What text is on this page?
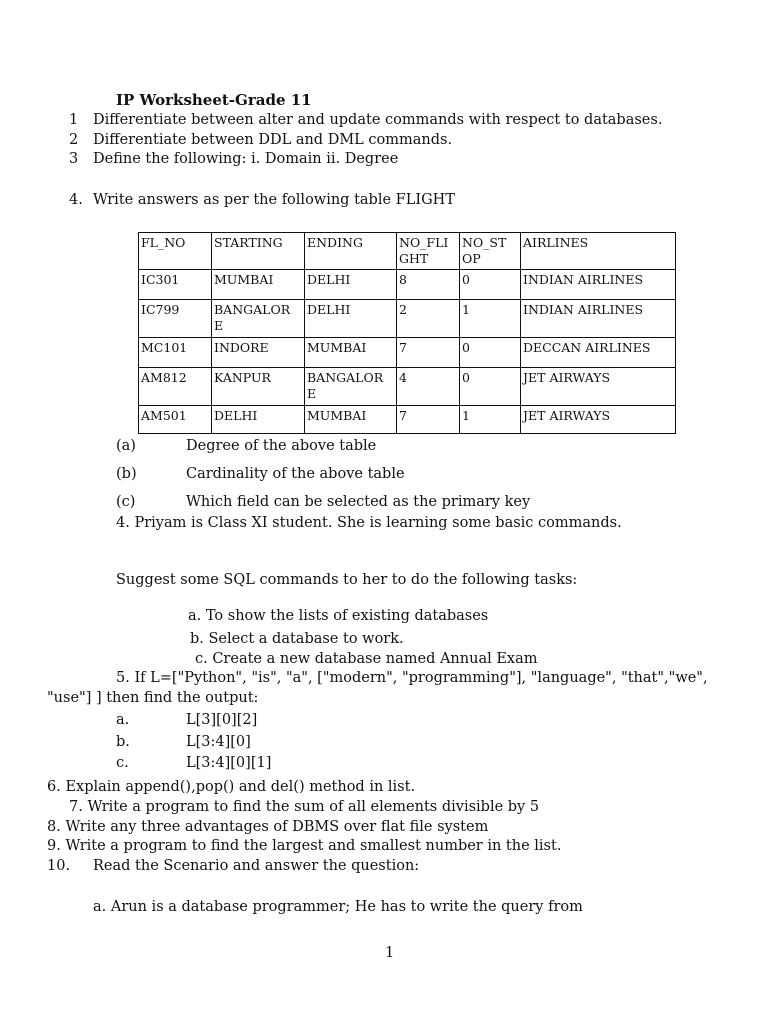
IP Worksheet-Grade 11
1 Differentiate between alter and update commands with respect to databases.
2 Differentiate between DDL and DML commands.
3 Define the following: i. Domain ii. Degree
4. Write answers as per the following table FLIGHT
FL_NO	STARTING	ENDING	NO_FLI GHT	NO_ST OP	AIRLINES
IC301	MUMBAI	DELHI	8	0	INDIAN AIRLINES
IC799	BANGALOR E	DELHI	2	1	INDIAN AIRLINES
MC101	INDORE	MUMBAI	7	0	DECCAN AIRLINES
AM812	KANPUR	BANGALOR E	4	0	JET AIRWAYS
AM501	DELHI	MUMBAI	7	1	JET AIRWAYS
(a)	Degree of the above table
(b)	Cardinality of the above table
(c)	Which field can be selected as the primary key
4. Priyam is Class XI student. She is learning some basic commands.
Suggest some SQL commands to her to do the following tasks:
a. To show the lists of existing databases
b. Select a database to work.
c. Create a new database named Annual Exam
5. If L=["Python", "is", "a", ["modern", "programming"], "language", "that","we",
"use"] ] then find the output:
a.	L[3][0][2]
b.	L[3:4][0]
c.	L[3:4][0][1]
6. Explain append(),pop() and del() method in list.
7. Write a program to find the sum of all elements divisible by 5
8. Write any three advantages of DBMS over flat file system
9. Write a program to find the largest and smallest number in the list.
10. Read the Scenario and answer the question:
a. Arun is a database programmer; He has to write the query from
1
